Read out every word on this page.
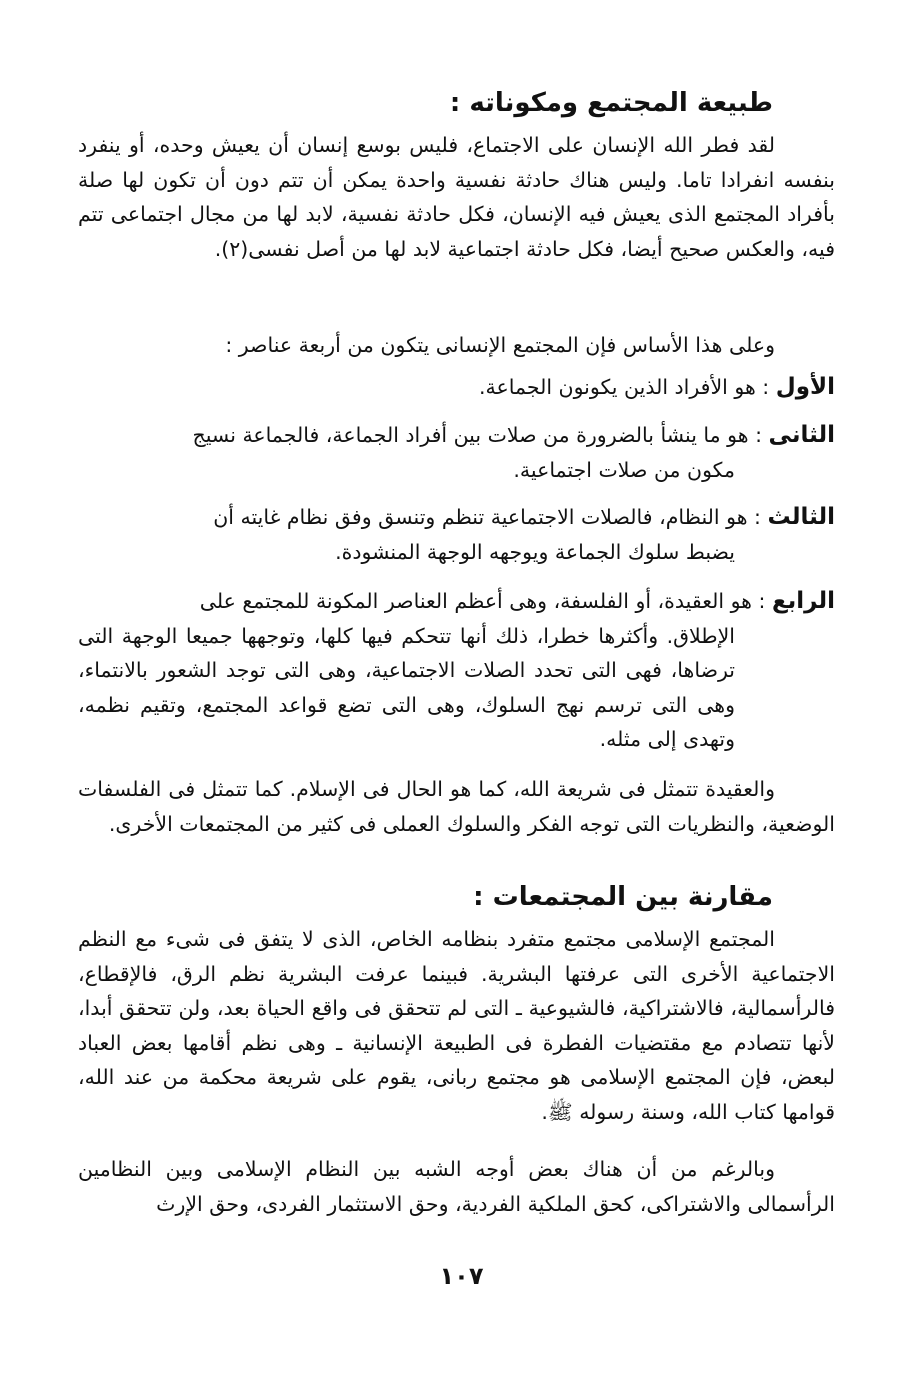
طبيعة المجتمع ومكوناته :

لقد فطر الله الإنسان على الاجتماع، فليس بوسع إنسان أن يعيش وحده، أو ينفرد بنفسه انفرادا تاما. وليس هناك حادثة نفسية واحدة يمكن أن تتم دون أن تكون لها صلة بأفراد المجتمع الذى يعيش فيه الإنسان، فكل حادثة نفسية، لابد لها من مجال اجتماعى تتم فيه، والعكس صحيح أيضا، فكل حادثة اجتماعية لابد لها من أصل نفسى(٢).

وعلى هذا الأساس فإن المجتمع الإنسانى يتكون من أربعة عناصر :

الأول : هو الأفراد الذين يكونون الجماعة.
الثانى : هو ما ينشأ بالضرورة من صلات بين أفراد الجماعة، فالجماعة نسيج
مكون من صلات اجتماعية.
الثالث : هو النظام، فالصلات الاجتماعية تنظم وتنسق وفق نظام غايته أن
يضبط سلوك الجماعة ويوجهه الوجهة المنشودة.
الرابع : هو العقيدة، أو الفلسفة، وهى أعظم العناصر المكونة للمجتمع على
الإطلاق. وأكثرها خطرا، ذلك أنها تتحكم فيها كلها، وتوجهها جميعا الوجهة التى ترضاها، فهى التى تحدد الصلات الاجتماعية، وهى التى توجد الشعور بالانتماء، وهى التى ترسم نهج السلوك، وهى التى تضع قواعد المجتمع، وتقيم نظمه، وتهدى إلى مثله.

والعقيدة تتمثل فى شريعة الله، كما هو الحال فى الإسلام. كما تتمثل فى الفلسفات الوضعية، والنظريات التى توجه الفكر والسلوك العملى فى كثير من المجتمعات الأخرى.

مقارنة بين المجتمعات :

المجتمع الإسلامى مجتمع متفرد بنظامه الخاص، الذى لا يتفق فى شىء مع النظم الاجتماعية الأخرى التى عرفتها البشرية. فبينما عرفت البشرية نظم الرق، فالإقطاع، فالرأسمالية، فالاشتراكية، فالشيوعية ـ التى لم تتحقق فى واقع الحياة بعد، ولن تتحقق أبدا، لأنها تتصادم مع مقتضيات الفطرة فى الطبيعة الإنسانية ـ وهى نظم أقامها بعض العباد لبعض، فإن المجتمع الإسلامى هو مجتمع ربانى، يقوم على شريعة محكمة من عند الله، قوامها كتاب الله، وسنة رسوله ﷺ.

وبالرغم من أن هناك بعض أوجه الشبه بين النظام الإسلامى وبين النظامين الرأسمالى والاشتراكى، كحق الملكية الفردية، وحق الاستثمار الفردى، وحق الإرث

١٠٧
